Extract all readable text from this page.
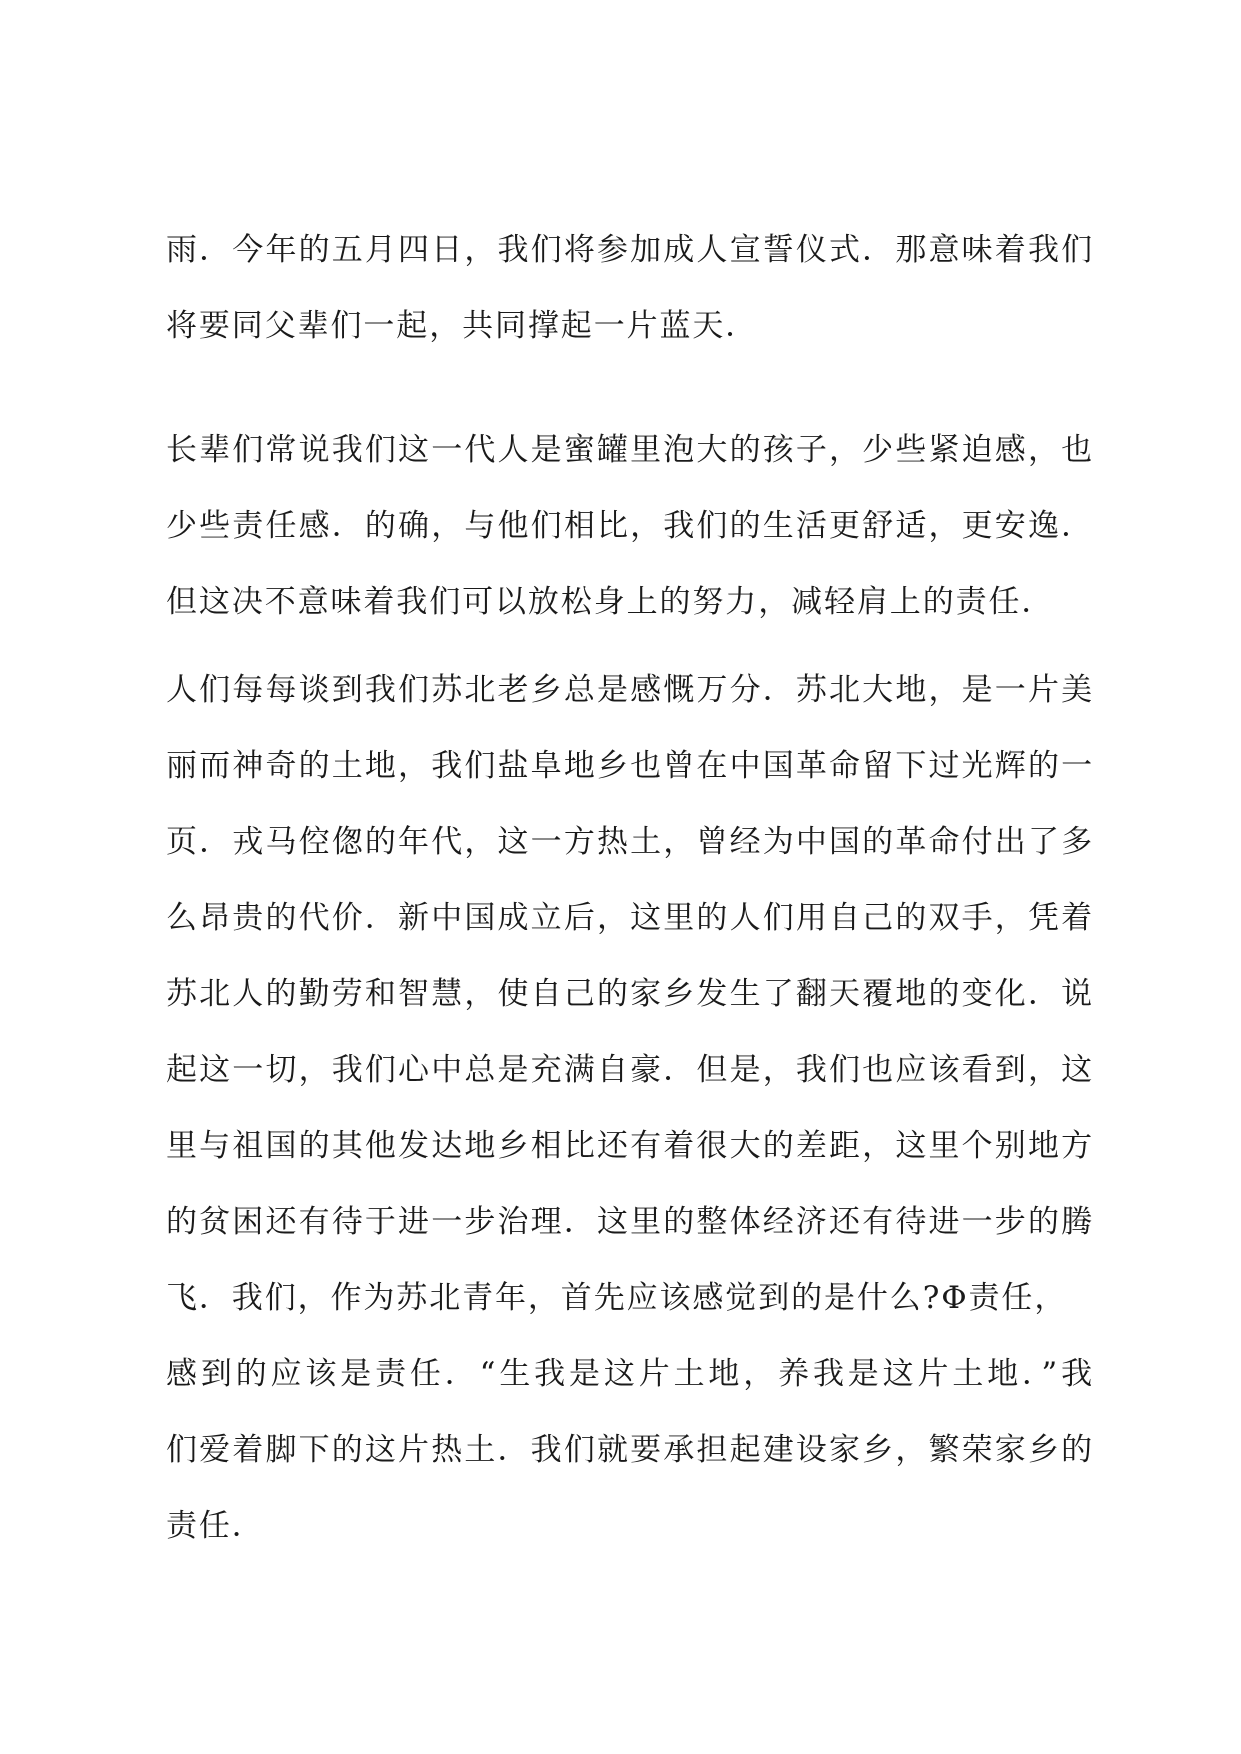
雨．今年的五月四日，我们将参加成人宣誓仪式．那意味着我们
将要同父辈们一起，共同撑起一片蓝天．
长辈们常说我们这一代人是蜜罐里泡大的孩子，少些紧迫感，也
少些责任感．的确，与他们相比，我们的生活更舒适，更安逸．
但这决不意味着我们可以放松身上的努力，减轻肩上的责任．
人们每每谈到我们苏北老乡总是感慨万分．苏北大地，是一片美
丽而神奇的土地，我们盐阜地乡也曾在中国革命留下过光辉的一
页．戎马倥偬的年代，这一方热土，曾经为中国的革命付出了多
么昂贵的代价．新中国成立后，这里的人们用自己的双手，凭着
苏北人的勤劳和智慧，使自己的家乡发生了翻天覆地的变化．说
起这一切，我们心中总是充满自豪．但是，我们也应该看到，这
里与祖国的其他发达地乡相比还有着很大的差距，这里个别地方
的贫困还有待于进一步治理．这里的整体经济还有待进一步的腾
飞．我们，作为苏北青年，首先应该感觉到的是什么?Φ责任，
感到的应该是责任．“生我是这片土地，养我是这片土地．”我
们爱着脚下的这片热土．我们就要承担起建设家乡，繁荣家乡的
责任．
